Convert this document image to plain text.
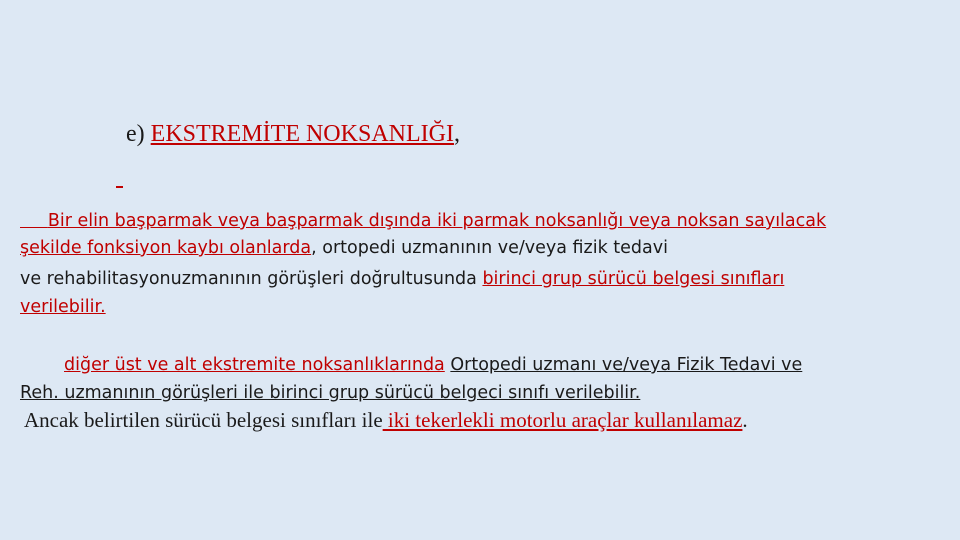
e) EKSTREMİTE NOKSANLIĞI,
Bir elin başparmak veya başparmak dışında iki parmak noksanlığı veya noksan sayılacak
şekilde fonksiyon kaybı olanlarda, ortopedi uzmanının ve/veya fizik tedavi
ve rehabilitasyonuzmanının görüşleri doğrultusunda birinci grup sürücü belgesi sınıfları
verilebilir.
diğer üst ve alt ekstremite noksanlıklarında Ortopedi uzmanı ve/veya Fizik Tedavi ve
Reh. uzmanının görüşleri ile birinci grup sürücü belgeci sınıfı verilebilir.
Ancak belirtilen sürücü belgesi sınıfları ile iki tekerlekli motorlu araçlar kullanılamaz.
